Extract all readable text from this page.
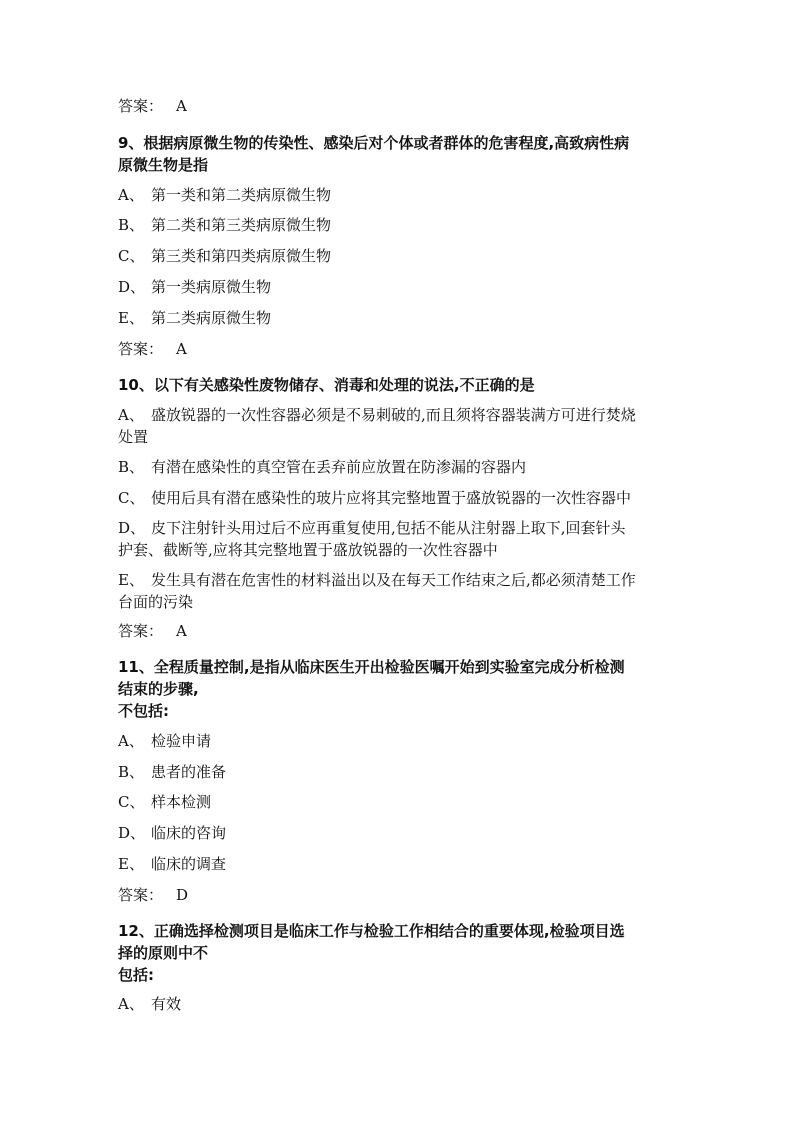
答案： A
9、根据病原微生物的传染性、感染后对个体或者群体的危害程度,高致病性病
原微生物是指
A、 第一类和第二类病原微生物
B、 第二类和第三类病原微生物
C、 第三类和第四类病原微生物
D、 第一类病原微生物
E、 第二类病原微生物
答案： A
10、以下有关感染性废物储存、消毒和处理的说法,不正确的是
A、 盛放锐器的一次性容器必须是不易刺破的,而且须将容器装满方可进行焚烧
处置
B、 有潜在感染性的真空管在丢弃前应放置在防渗漏的容器内
C、 使用后具有潜在感染性的玻片应将其完整地置于盛放锐器的一次性容器中
D、 皮下注射针头用过后不应再重复使用,包括不能从注射器上取下,回套针头
护套、截断等,应将其完整地置于盛放锐器的一次性容器中
E、 发生具有潜在危害性的材料溢出以及在每天工作结束之后,都必须清楚工作
台面的污染
答案： A
11、全程质量控制,是指从临床医生开出检验医嘱开始到实验室完成分析检测
结束的步骤,
不包括:
A、 检验申请
B、 患者的准备
C、 样本检测
D、 临床的咨询
E、 临床的调查
答案： D
12、正确选择检测项目是临床工作与检验工作相结合的重要体现,检验项目选
择的原则中不
包括:
A、 有效
